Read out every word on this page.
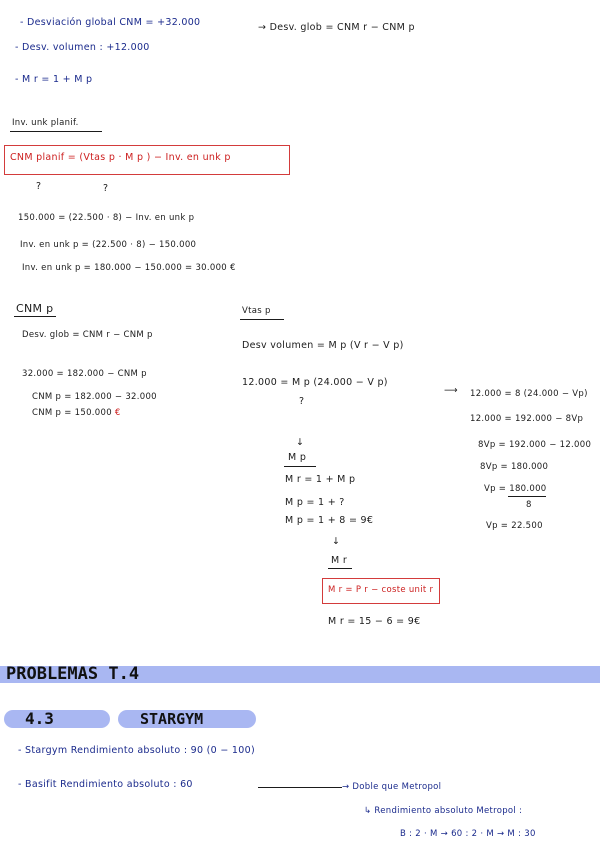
- Desviación global CNM = +32.000	→ Desv. glob = CNM r − CNM p
- Desv. volumen : +12.000
- M r = 1 + M p
Inv. unk planif.
CNM planif = (Vtas p · M p ) − Inv. en unk p
?	?
150.000 = (22.500 · 8) − Inv. en unk p
Inv. en unk p = (22.500 · 8) − 150.000
Inv. en unk p = 180.000 − 150.000 = 30.000 €
CNM p
Desv. glob = CNM r − CNM p
32.000 = 182.000 − CNM p
CNM p = 182.000 − 32.000
CNM p = 150.000 €
Vtas p
Desv volumen = M p (V r − V p)
12.000 = M p (24.000 − V p)
?
⟶ 12.000 = 8 (24.000 − Vp)
12.000 = 192.000 − 8Vp
8Vp = 192.000 − 12.000
8Vp = 180.000
Vp = 180.000
8
Vp = 22.500
↓
M p
M r = 1 + M p
M p = 1 + ?
M p = 1 + 8 = 9€
↓
M r
M r = P r − coste unit r
M r = 15 − 6 = 9€
PROBLEMAS T.4
4.3	STARGYM
- Stargym Rendimiento absoluto : 90 (0 − 100)
- Basifit Rendimiento absoluto : 60	→ Doble que Metropol
↳ Rendimiento absoluto Metropol :
B : 2 · M → 60 : 2 · M → M : 30
